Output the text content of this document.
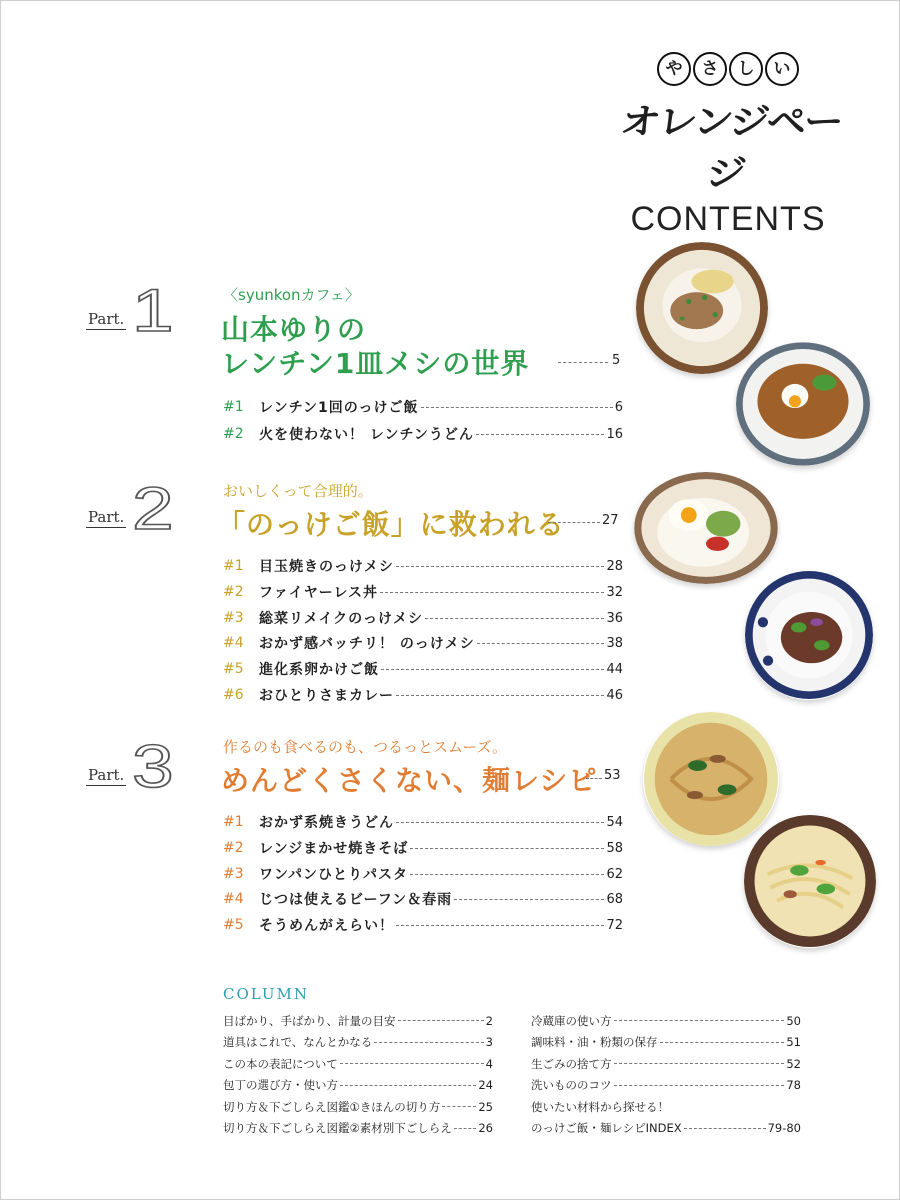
や	さ	し	い
オレンジページ
CONTENTS
Part. 1	〈syunkonカフェ〉
山本ゆりの
レンチン1皿メシの世界	5
#1	レンチン1回のっけご飯	6
#2	火を使わない！ レンチンうどん	16
Part. 2	おいしくって合理的。
「のっけご飯」に救われる	27
#1	目玉焼きのっけメシ	28
#2	ファイヤーレス丼	32
#3	総菜リメイクのっけメシ	36
#4	おかず感バッチリ！ のっけメシ	38
#5	進化系卵かけご飯	44
#6	おひとりさまカレー	46
Part. 3	作るのも食べるのも、つるっとスムーズ。
めんどくさくない、麺レシピ 53
#1	おかず系焼きうどん	54
#2	レンジまかせ焼きそば	58
#3	ワンパンひとりパスタ	62
#4	じつは使えるビーフン＆春雨	68
#5	そうめんがえらい！	72
COLUMN
目ばかり、手ばかり、計量の目安	2
道具はこれで、なんとかなる	3
この本の表記について	4
包丁の選び方・使い方	24
切り方＆下ごしらえ図鑑①きほんの切り方	25
切り方＆下ごしらえ図鑑②素材別下ごしらえ 26
冷蔵庫の使い方	50
調味料・油・粉類の保存	51
生ごみの捨て方	52
洗いもののコツ	78
使いたい材料から探せる！
のっけご飯・麺レシピINDEX	79-80
